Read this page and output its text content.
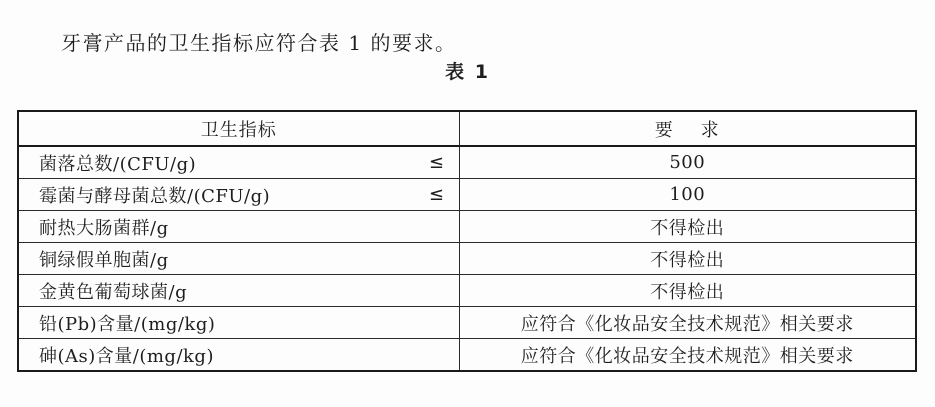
牙膏产品的卫生指标应符合表 1 的要求。

表 1
卫生指标	要    求

菌落总数/(CFU/g) ≤	500

霉菌与酵母菌总数/(CFU/g) ≤	100

耐热大肠菌群/g	不得检出

铜绿假单胞菌/g	不得检出

金黄色葡萄球菌/g	不得检出

铅(Pb)含量/(mg/kg)	应符合《化妆品安全技术规范》相关要求

砷(As)含量/(mg/kg)	应符合《化妆品安全技术规范》相关要求
